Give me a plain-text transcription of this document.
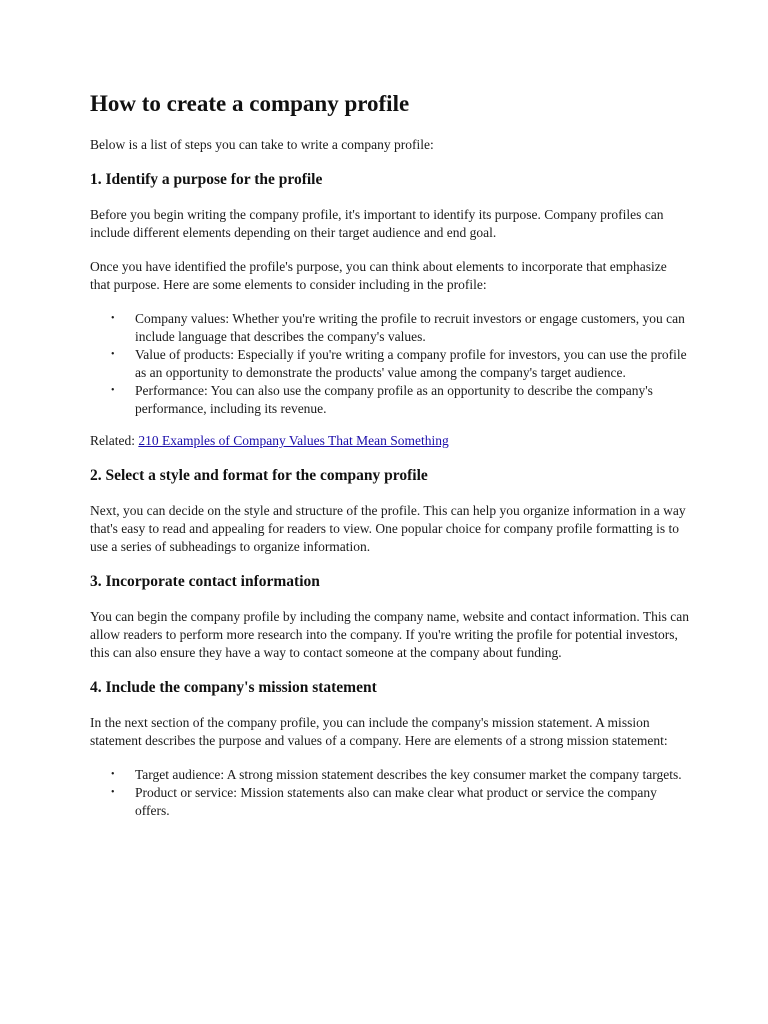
How to create a company profile

Below is a list of steps you can take to write a company profile:

1. Identify a purpose for the profile

Before you begin writing the company profile, it's important to identify its purpose. Company profiles can include different elements depending on their target audience and end goal.

Once you have identified the profile's purpose, you can think about elements to incorporate that emphasize that purpose. Here are some elements to consider including in the profile:

• Company values: Whether you're writing the profile to recruit investors or engage customers, you can include language that describes the company's values.
• Value of products: Especially if you're writing a company profile for investors, you can use the profile as an opportunity to demonstrate the products' value among the company's target audience.
• Performance: You can also use the company profile as an opportunity to describe the company's performance, including its revenue.

Related: 210 Examples of Company Values That Mean Something

2. Select a style and format for the company profile

Next, you can decide on the style and structure of the profile. This can help you organize information in a way that's easy to read and appealing for readers to view. One popular choice for company profile formatting is to use a series of subheadings to organize information.

3. Incorporate contact information

You can begin the company profile by including the company name, website and contact information. This can allow readers to perform more research into the company. If you're writing the profile for potential investors, this can also ensure they have a way to contact someone at the company about funding.

4. Include the company's mission statement

In the next section of the company profile, you can include the company's mission statement. A mission statement describes the purpose and values of a company. Here are elements of a strong mission statement:

• Target audience: A strong mission statement describes the key consumer market the company targets.
• Product or service: Mission statements also can make clear what product or service the company offers.
